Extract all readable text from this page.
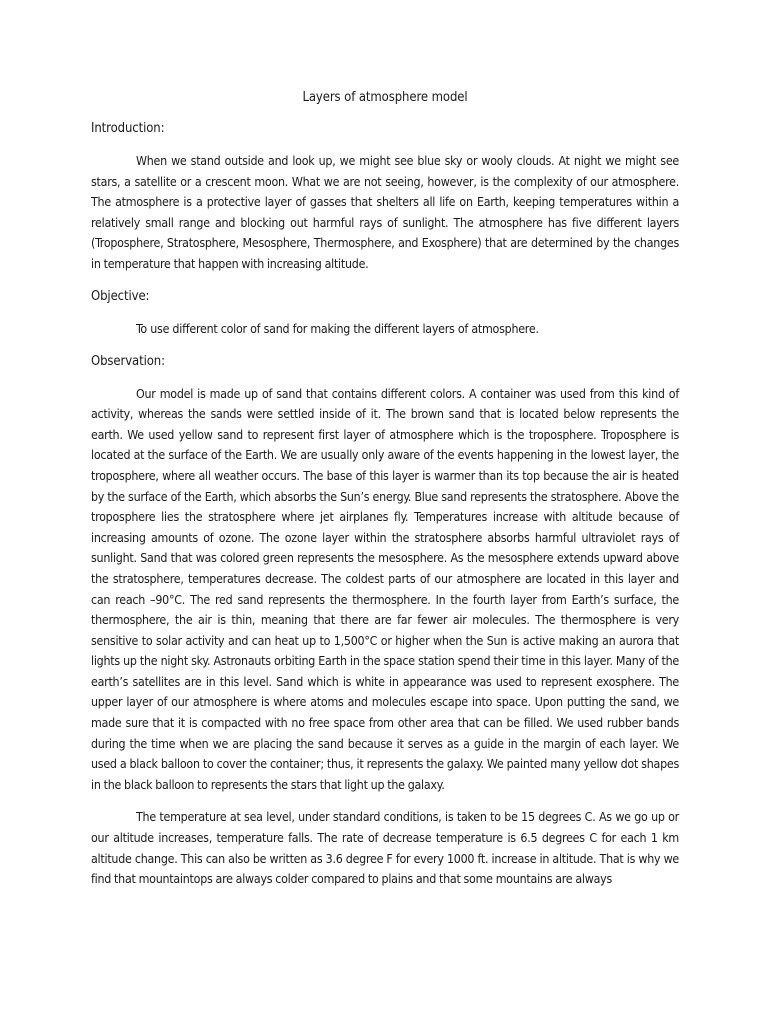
Layers of atmosphere model
Introduction:

When we stand outside and look up, we might see blue sky or wooly clouds. At night we might see stars, a satellite or a crescent moon. What we are not seeing, however, is the complexity of our atmosphere. The atmosphere is a protective layer of gasses that shelters all life on Earth, keeping temperatures within a relatively small range and blocking out harmful rays of sunlight. The atmosphere has five different layers (Troposphere, Stratosphere, Mesosphere, Thermosphere, and Exosphere) that are determined by the changes in temperature that happen with increasing altitude.

Objective:

To use different color of sand for making the different layers of atmosphere.

Observation:

Our model is made up of sand that contains different colors. A container was used from this kind of activity, whereas the sands were settled inside of it. The brown sand that is located below represents the earth. We used yellow sand to represent first layer of atmosphere which is the troposphere. Troposphere is located at the surface of the Earth. We are usually only aware of the events happening in the lowest layer, the troposphere, where all weather occurs. The base of this layer is warmer than its top because the air is heated by the surface of the Earth, which absorbs the Sun’s energy. Blue sand represents the stratosphere. Above the troposphere lies the stratosphere where jet airplanes fly. Temperatures increase with altitude because of increasing amounts of ozone. The ozone layer within the stratosphere absorbs harmful ultraviolet rays of sunlight. Sand that was colored green represents the mesosphere. As the mesosphere extends upward above the stratosphere, temperatures decrease. The coldest parts of our atmosphere are located in this layer and can reach –90°C. The red sand represents the thermosphere. In the fourth layer from Earth’s surface, the thermosphere, the air is thin, meaning that there are far fewer air molecules. The thermosphere is very sensitive to solar activity and can heat up to 1,500°C or higher when the Sun is active making an aurora that lights up the night sky. Astronauts orbiting Earth in the space station spend their time in this layer. Many of the earth’s satellites are in this level. Sand which is white in appearance was used to represent exosphere. The upper layer of our atmosphere is where atoms and molecules escape into space. Upon putting the sand, we made sure that it is compacted with no free space from other area that can be filled. We used rubber bands during the time when we are placing the sand because it serves as a guide in the margin of each layer. We used a black balloon to cover the container; thus, it represents the galaxy. We painted many yellow dot shapes in the black balloon to represents the stars that light up the galaxy.

The temperature at sea level, under standard conditions, is taken to be 15 degrees C. As we go up or our altitude increases, temperature falls. The rate of decrease temperature is 6.5 degrees C for each 1 km altitude change. This can also be written as 3.6 degree F for every 1000 ft. increase in altitude. That is why we find that mountaintops are always colder compared to plains and that some mountains are always
